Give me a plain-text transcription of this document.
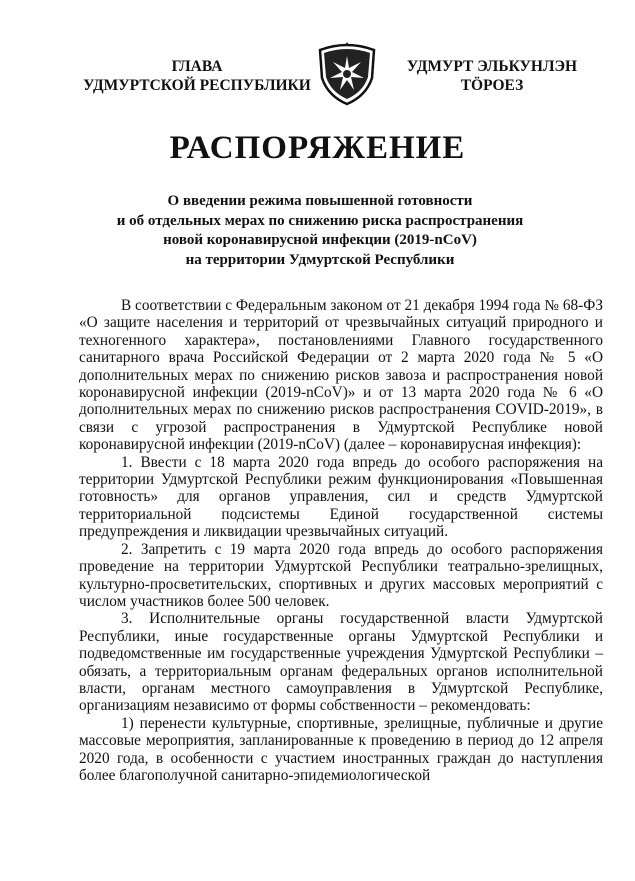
ГЛАВА
УДМУРТСКОЙ РЕСПУБЛИКИ
УДМУРТ ЭЛЬКУНЛЭН
ТӦРОЕЗ
РАСПОРЯЖЕНИЕ
О введении режима повышенной готовности
и об отдельных мерах по снижению риска распространения
новой коронавирусной инфекции (2019-nCoV)
на территории Удмуртской Республики

В соответствии с Федеральным законом от 21 декабря 1994 года № 68-ФЗ «О защите населения и территорий от чрезвычайных ситуаций природного и техногенного характера», постановлениями Главного государственного санитарного врача Российской Федерации от 2 марта 2020 года № 5 «О дополнительных мерах по снижению рисков завоза и распространения новой коронавирусной инфекции (2019-nCoV)» и от 13 марта 2020 года № 6 «О дополнительных мерах по снижению рисков распространения COVID-2019», в связи с угрозой распространения в Удмуртской Республике новой коронавирусной инфекции (2019-nCoV) (далее – коронавирусная инфекция):

1. Ввести с 18 марта 2020 года впредь до особого распоряжения на территории Удмуртской Республики режим функционирования «Повышенная готовность» для органов управления, сил и средств Удмуртской территориальной подсистемы Единой государственной системы предупреждения и ликвидации чрезвычайных ситуаций.

2. Запретить с 19 марта 2020 года впредь до особого распоряжения проведение на территории Удмуртской Республики театрально-зрелищных, культурно-просветительских, спортивных и других массовых мероприятий с числом участников более 500 человек.

3. Исполнительные органы государственной власти Удмуртской Республики, иные государственные органы Удмуртской Республики и подведомственные им государственные учреждения Удмуртской Республики – обязать, а территориальным органам федеральных органов исполнительной власти, органам местного самоуправления в Удмуртской Республике, организациям независимо от формы собственности – рекомендовать:

1) перенести культурные, спортивные, зрелищные, публичные и другие массовые мероприятия, запланированные к проведению в период до 12 апреля 2020 года, в особенности с участием иностранных граждан до наступления более благополучной санитарно-эпидемиологической
